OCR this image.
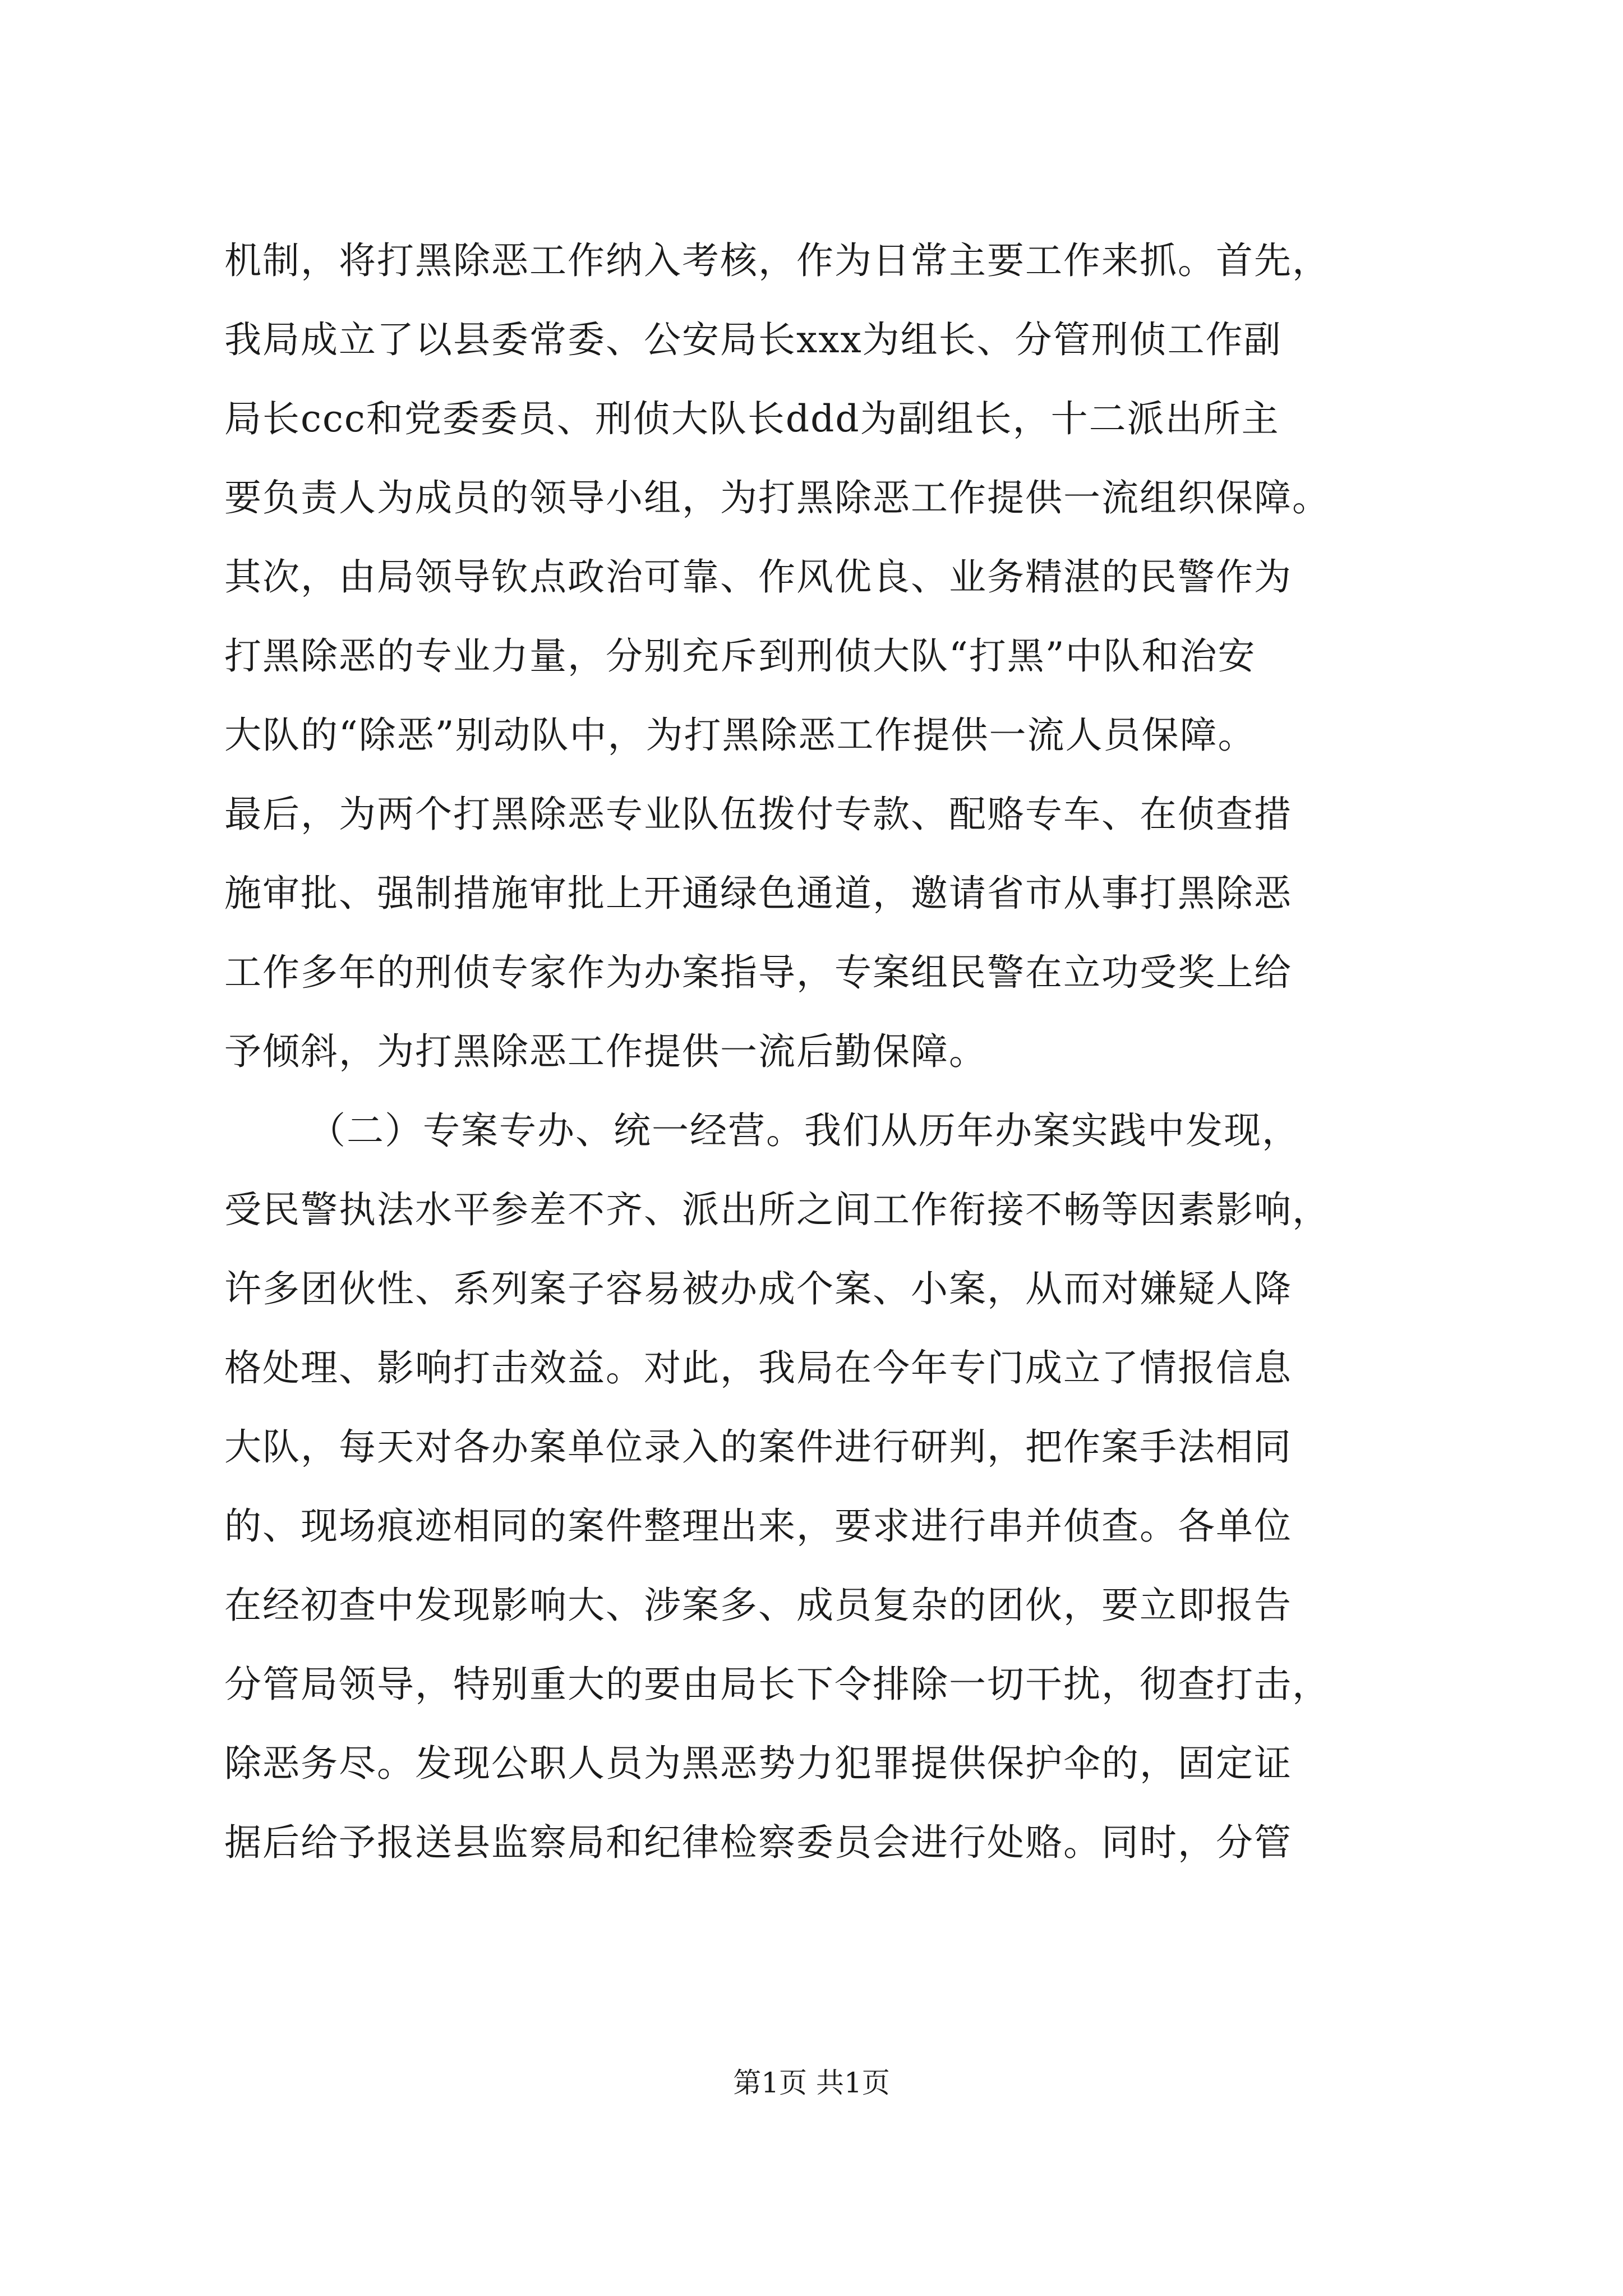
机制，将打黑除恶工作纳入考核，作为日常主要工作来抓。首先，
我局成立了以县委常委、公安局长xxx为组长、分管刑侦工作副
局长ccc和党委委员、刑侦大队长ddd为副组长，十二派出所主
要负责人为成员的领导小组，为打黑除恶工作提供一流组织保障。
其次，由局领导钦点政治可靠、作风优良、业务精湛的民警作为
打黑除恶的专业力量，分别充斥到刑侦大队“打黑”中队和治安
大队的“除恶”别动队中，为打黑除恶工作提供一流人员保障。
最后，为两个打黑除恶专业队伍拨付专款、配赂专车、在侦查措
施审批、强制措施审批上开通绿色通道，邀请省市从事打黑除恶
工作多年的刑侦专家作为办案指导，专案组民警在立功受奖上给
予倾斜，为打黑除恶工作提供一流后勤保障。
（二）专案专办、统一经营。我们从历年办案实践中发现，
受民警执法水平参差不齐、派出所之间工作衔接不畅等因素影响，
许多团伙性、系列案子容易被办成个案、小案，从而对嫌疑人降
格处理、影响打击效益。对此，我局在今年专门成立了情报信息
大队，每天对各办案单位录入的案件进行研判，把作案手法相同
的、现场痕迹相同的案件整理出来，要求进行串并侦查。各单位
在经初查中发现影响大、涉案多、成员复杂的团伙，要立即报告
分管局领导，特别重大的要由局长下令排除一切干扰，彻查打击，
除恶务尽。发现公职人员为黑恶势力犯罪提供保护伞的，固定证
据后给予报送县监察局和纪律检察委员会进行处赂。同时，分管
第1页 共1页
